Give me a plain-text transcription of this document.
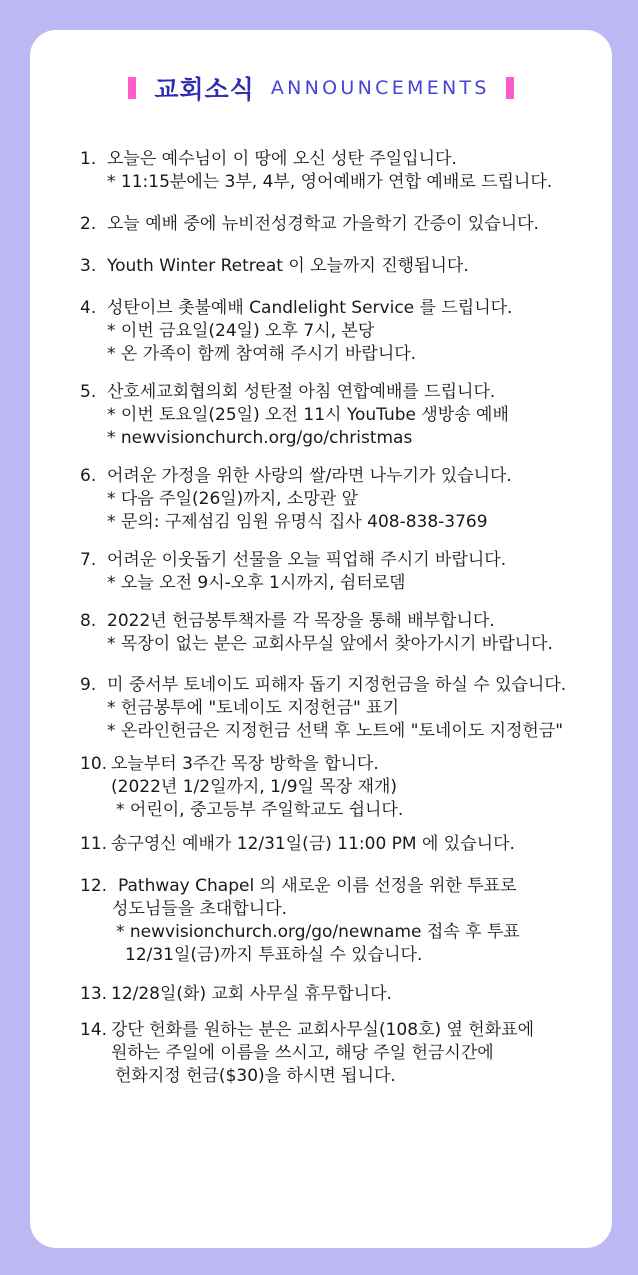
교회소식 ANNOUNCEMENTS
1. 오늘은 예수님이 이 땅에 오신 성탄 주일입니다.
* 11:15분에는 3부, 4부, 영어예배가 연합 예배로 드립니다.
2. 오늘 예배 중에 뉴비전성경학교 가을학기 간증이 있습니다.
3. Youth Winter Retreat 이 오늘까지 진행됩니다.
4. 성탄이브 촛불예배 Candlelight Service 를 드립니다.
* 이번 금요일(24일) 오후 7시, 본당
* 온 가족이 함께 참여해 주시기 바랍니다.
5. 산호세교회협의회 성탄절 아침 연합예배를 드립니다.
* 이번 토요일(25일) 오전 11시 YouTube 생방송 예배
* newvisionchurch.org/go/christmas
6. 어려운 가정을 위한 사랑의 쌀/라면 나누기가 있습니다.
* 다음 주일(26일)까지, 소망관 앞
* 문의: 구제섬김 임원 유명식 집사 408-838-3769
7. 어려운 이웃돕기 선물을 오늘 픽업해 주시기 바랍니다.
* 오늘 오전 9시-오후 1시까지, 쉼터로뎀
8. 2022년 헌금봉투책자를 각 목장을 통해 배부합니다.
* 목장이 없는 분은 교회사무실 앞에서 찾아가시기 바랍니다.
9. 미 중서부 토네이도 피해자 돕기 지정헌금을 하실 수 있습니다.
* 헌금봉투에 "토네이도 지정헌금" 표기
* 온라인헌금은 지정헌금 선택 후 노트에 "토네이도 지정헌금"
10. 오늘부터 3주간 목장 방학을 합니다.
(2022년 1/2일까지, 1/9일 목장 재개)
* 어린이, 중고등부 주일학교도 쉽니다.
11. 송구영신 예배가 12/31일(금) 11:00 PM 에 있습니다.
12. Pathway Chapel 의 새로운 이름 선정을 위한 투표로
성도님들을 초대합니다.
* newvisionchurch.org/go/newname 접속 후 투표
12/31일(금)까지 투표하실 수 있습니다.
13. 12/28일(화) 교회 사무실 휴무합니다.
14. 강단 헌화를 원하는 분은 교회사무실(108호) 옆 헌화표에
원하는 주일에 이름을 쓰시고, 해당 주일 헌금시간에
헌화지정 헌금($30)을 하시면 됩니다.
